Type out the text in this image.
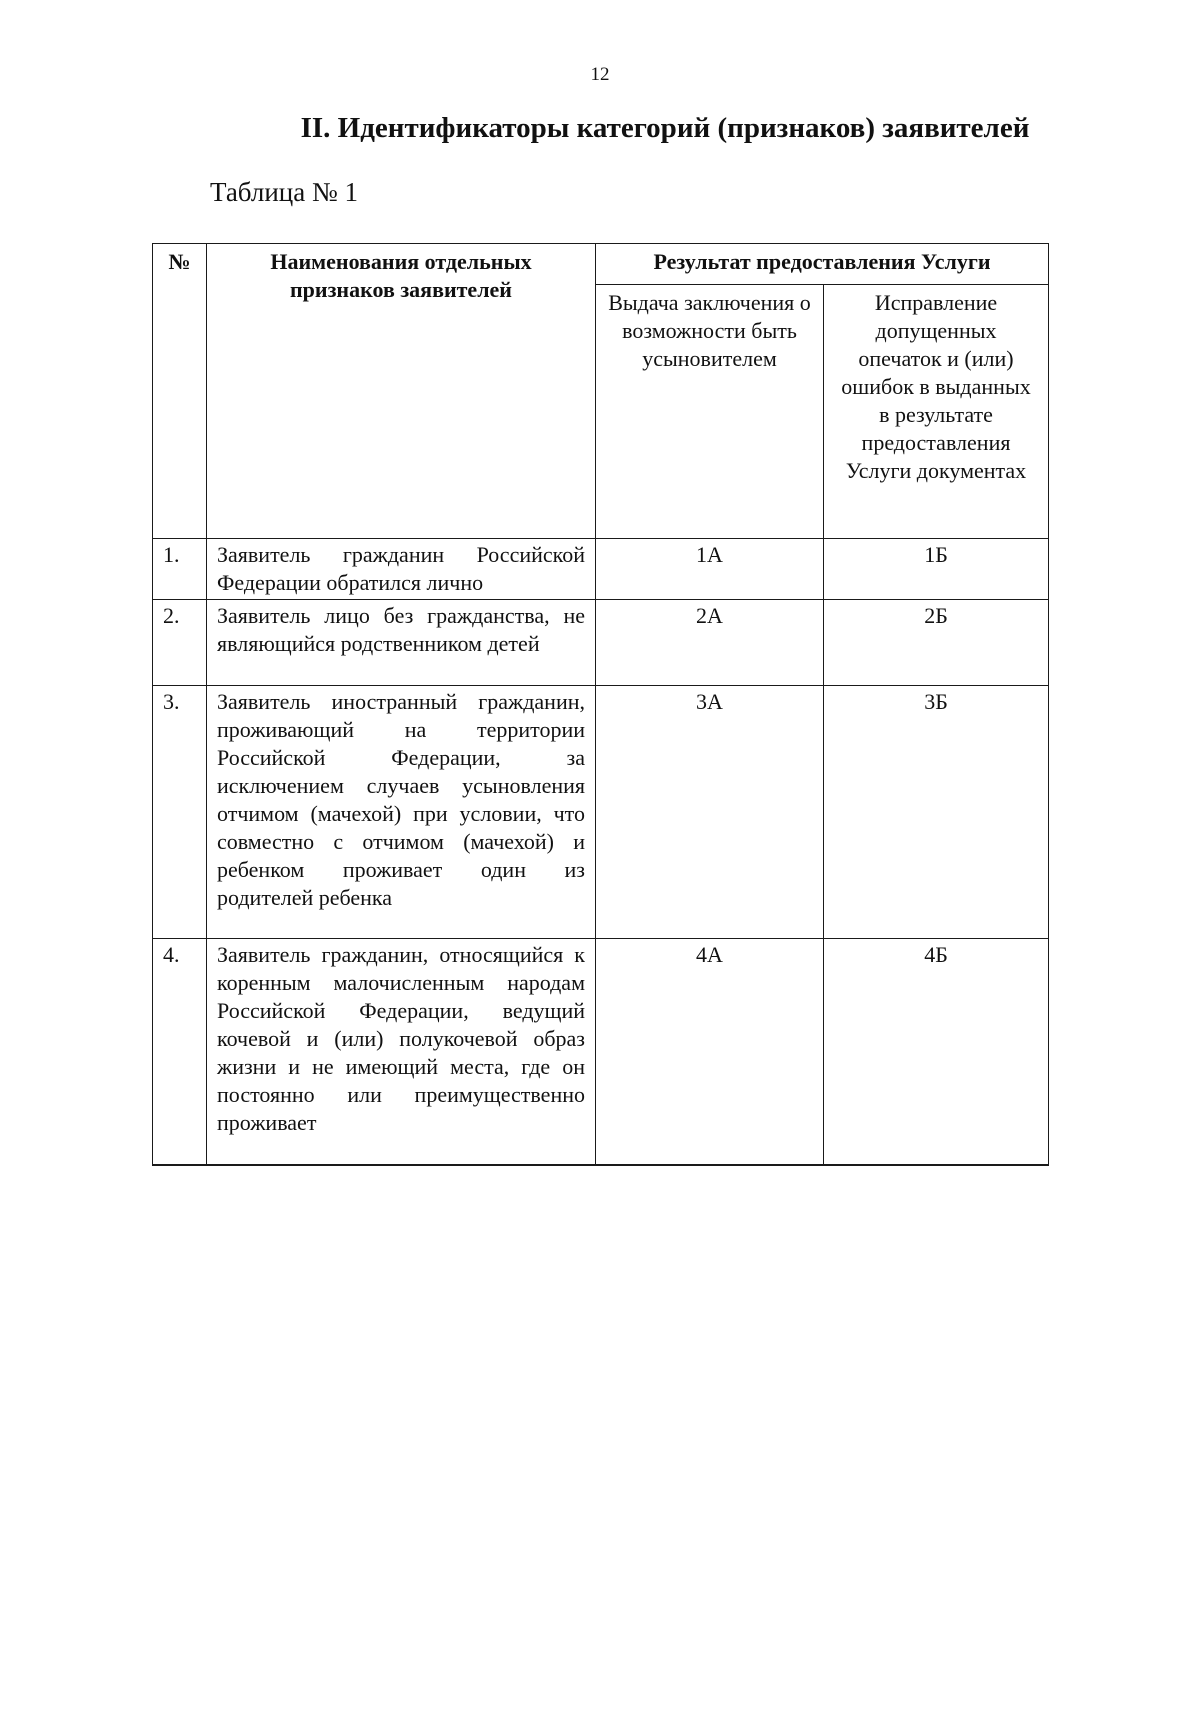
12
II. Идентификаторы категорий (признаков) заявителей
Таблица № 1
№	Наименования отдельных признаков заявителей	Результат предоставления Услуги	
		Выдача заключения о возможности быть усыновителем	Исправление допущенных опечаток и (или) ошибок в выданных в результате предоставления Услуги документах
1.	Заявитель гражданин Российской Федерации обратился лично	1А	1Б
2.	Заявитель лицо без гражданства, не являющийся родственником детей	2А	2Б
3.	Заявитель иностранный гражданин, проживающий на территории Российской Федерации, за исключением случаев усыновления отчимом (мачехой) при условии, что совместно с отчимом (мачехой) и ребенком проживает один из родителей ребенка	3А	3Б
4.	Заявитель гражданин, относящийся к коренным малочисленным народам Российской Федерации, ведущий кочевой и (или) полукочевой образ жизни и не имеющий места, где он постоянно или преимущественно проживает	4А	4Б
